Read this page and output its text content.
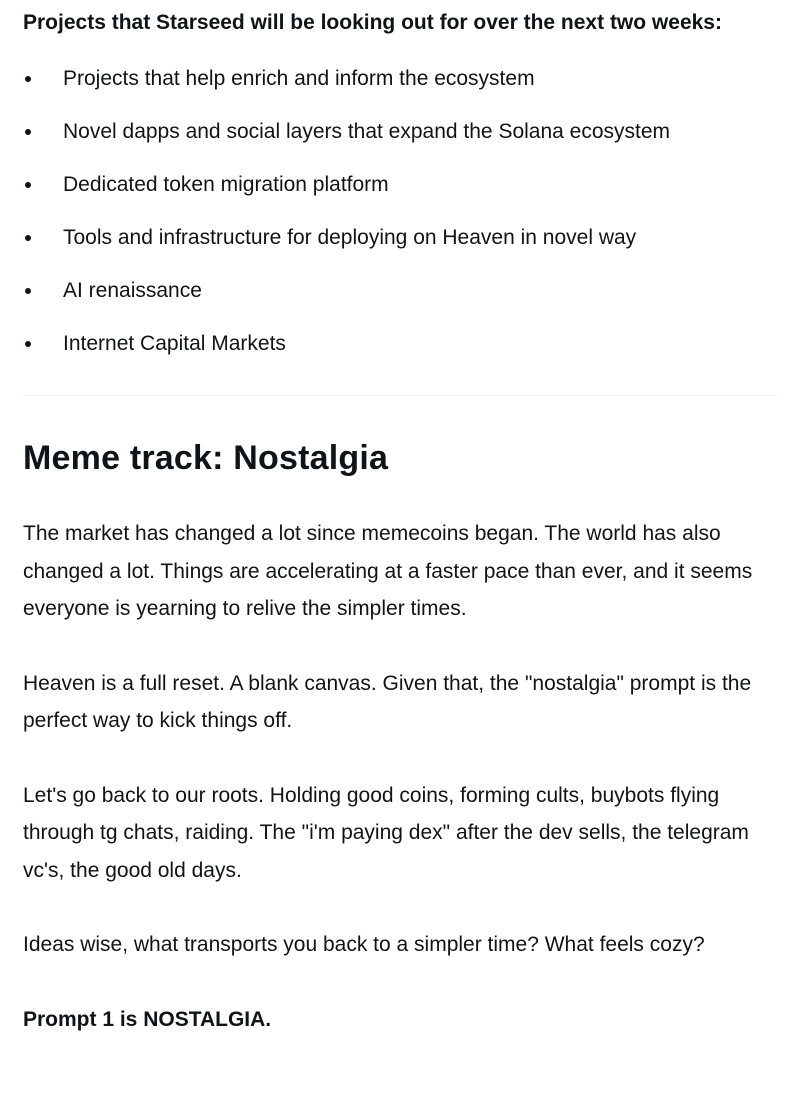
Projects that Starseed will be looking out for over the next two weeks:

Projects that help enrich and inform the ecosystem
Novel dapps and social layers that expand the Solana ecosystem
Dedicated token migration platform
Tools and infrastructure for deploying on Heaven in novel way
AI renaissance
Internet Capital Markets
Meme track: Nostalgia

The market has changed a lot since memecoins began. The world has also changed a lot. Things are accelerating at a faster pace than ever, and it seems everyone is yearning to relive the simpler times.

Heaven is a full reset. A blank canvas. Given that, the "nostalgia" prompt is the perfect way to kick things off.

Let's go back to our roots. Holding good coins, forming cults, buybots flying through tg chats, raiding. The "i'm paying dex" after the dev sells, the telegram vc's, the good old days.

Ideas wise, what transports you back to a simpler time? What feels cozy?

Prompt 1 is NOSTALGIA.
